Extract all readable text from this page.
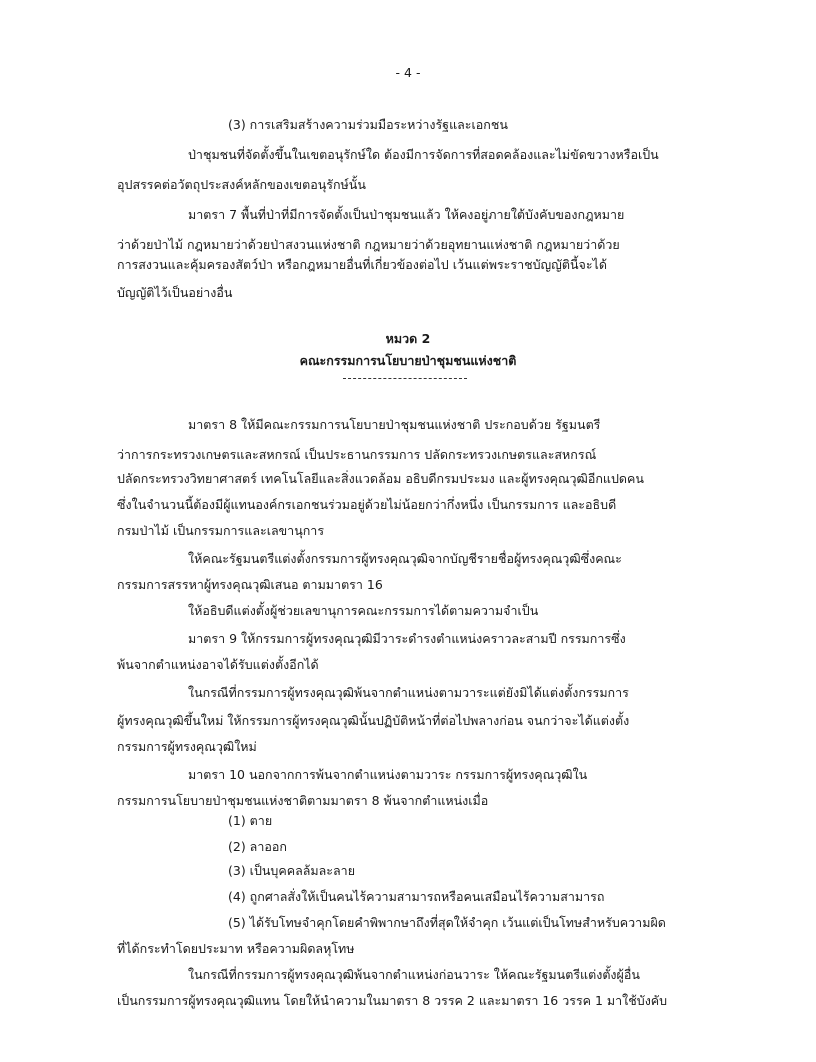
- 4 -
(3) การเสริมสร้างความร่วมมือระหว่างรัฐและเอกชน
ป่าชุมชนที่จัดตั้งขึ้นในเขตอนุรักษ์ใด ต้องมีการจัดการที่สอดคล้องและไม่ขัดขวางหรือเป็น
อุปสรรคต่อวัตถุประสงค์หลักของเขตอนุรักษ์นั้น
มาตรา 7 พื้นที่ป่าที่มีการจัดตั้งเป็นป่าชุมชนแล้ว ให้คงอยู่ภายใต้บังคับของกฎหมาย
ว่าด้วยป่าไม้ กฎหมายว่าด้วยป่าสงวนแห่งชาติ กฎหมายว่าด้วยอุทยานแห่งชาติ กฎหมายว่าด้วย
การสงวนและคุ้มครองสัตว์ป่า หรือกฎหมายอื่นที่เกี่ยวข้องต่อไป เว้นแต่พระราชบัญญัตินี้จะได้
บัญญัติไว้เป็นอย่างอื่น
หมวด 2
คณะกรรมการนโยบายป่าชุมชนแห่งชาติ
มาตรา 8 ให้มีคณะกรรมการนโยบายป่าชุมชนแห่งชาติ ประกอบด้วย รัฐมนตรี
ว่าการกระทรวงเกษตรและสหกรณ์ เป็นประธานกรรมการ ปลัดกระทรวงเกษตรและสหกรณ์
ปลัดกระทรวงวิทยาศาสตร์ เทคโนโลยีและสิ่งแวดล้อม อธิบดีกรมประมง และผู้ทรงคุณวุฒิอีกแปดคน
ซึ่งในจำนวนนี้ต้องมีผู้แทนองค์กรเอกชนร่วมอยู่ด้วยไม่น้อยกว่ากึ่งหนึ่ง เป็นกรรมการ และอธิบดี
กรมป่าไม้ เป็นกรรมการและเลขานุการ
ให้คณะรัฐมนตรีแต่งตั้งกรรมการผู้ทรงคุณวุฒิจากบัญชีรายชื่อผู้ทรงคุณวุฒิซึ่งคณะ
กรรมการสรรหาผู้ทรงคุณวุฒิเสนอ ตามมาตรา 16
ให้อธิบดีแต่งตั้งผู้ช่วยเลขานุการคณะกรรมการได้ตามความจำเป็น
มาตรา 9 ให้กรรมการผู้ทรงคุณวุฒิมีวาระดำรงตำแหน่งคราวละสามปี กรรมการซึ่ง
พ้นจากตำแหน่งอาจได้รับแต่งตั้งอีกได้
ในกรณีที่กรรมการผู้ทรงคุณวุฒิพ้นจากตำแหน่งตามวาระแต่ยังมิได้แต่งตั้งกรรมการ
ผู้ทรงคุณวุฒิขึ้นใหม่ ให้กรรมการผู้ทรงคุณวุฒินั้นปฏิบัติหน้าที่ต่อไปพลางก่อน จนกว่าจะได้แต่งตั้ง
กรรมการผู้ทรงคุณวุฒิใหม่
มาตรา 10 นอกจากการพ้นจากตำแหน่งตามวาระ กรรมการผู้ทรงคุณวุฒิใน
กรรมการนโยบายป่าชุมชนแห่งชาติตามมาตรา 8 พ้นจากตำแหน่งเมื่อ
(1) ตาย
(2) ลาออก
(3) เป็นบุคคลล้มละลาย
(4) ถูกศาลสั่งให้เป็นคนไร้ความสามารถหรือคนเสมือนไร้ความสามารถ
(5) ได้รับโทษจำคุกโดยคำพิพากษาถึงที่สุดให้จำคุก เว้นแต่เป็นโทษสำหรับความผิด
ที่ได้กระทำโดยประมาท หรือความผิดลหุโทษ
ในกรณีที่กรรมการผู้ทรงคุณวุฒิพ้นจากตำแหน่งก่อนวาระ ให้คณะรัฐมนตรีแต่งตั้งผู้อื่น
เป็นกรรมการผู้ทรงคุณวุฒิแทน โดยให้นำความในมาตรา 8 วรรค 2 และมาตรา 16 วรรค 1 มาใช้บังคับ
